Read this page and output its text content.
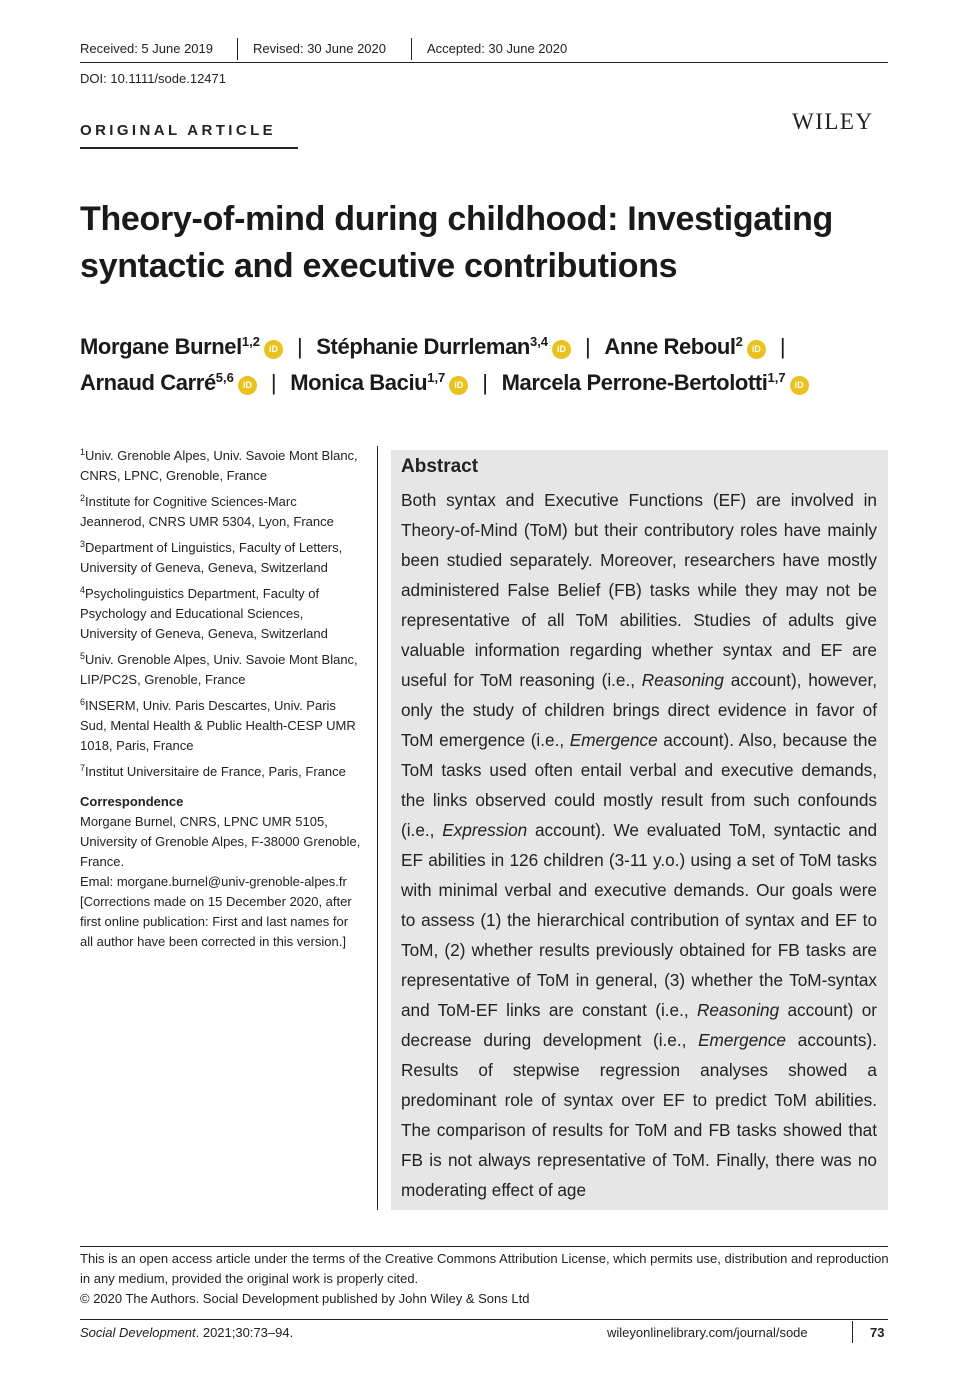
Received: 5 June 2019	Revised: 30 June 2020	Accepted: 30 June 2020
DOI: 10.1111/sode.12471
ORIGINAL ARTICLE	WILEY
Theory-of-mind during childhood: Investigating syntactic and executive contributions
Morgane Burnel$^{1,2}$ iD | Stéphanie Durrleman$^{3,4}$ iD | Anne Reboul$^2$ iD |
Arnaud Carré$^{5,6}$ iD | Monica Baciu$^{1,7}$ iD | Marcela Perrone-Bertolotti$^{1,7}$ iD
$^1$Univ. Grenoble Alpes, Univ. Savoie Mont Blanc, CNRS, LPNC, Grenoble, France
$^2$Institute for Cognitive Sciences-Marc Jeannerod, CNRS UMR 5304, Lyon, France
$^3$Department of Linguistics, Faculty of Letters, University of Geneva, Geneva, Switzerland
$^4$Psycholinguistics Department, Faculty of Psychology and Educational Sciences, University of Geneva, Geneva, Switzerland
$^5$Univ. Grenoble Alpes, Univ. Savoie Mont Blanc, LIP/PC2S, Grenoble, France
$^6$INSERM, Univ. Paris Descartes, Univ. Paris Sud, Mental Health & Public Health-CESP UMR 1018, Paris, France
$^7$Institut Universitaire de France, Paris, France
Correspondence
Morgane Burnel, CNRS, LPNC UMR 5105, University of Grenoble Alpes, F-38000 Grenoble, France.
Emal: morgane.burnel@univ-grenoble-alpes.fr
[Corrections made on 15 December 2020, after first online publication: First and last names for all author have been corrected in this version.]
Abstract

Both syntax and Executive Functions (EF) are involved in Theory-of-Mind (ToM) but their contributory roles have mainly been studied separately. Moreover, researchers have mostly administered False Belief (FB) tasks while they may not be representative of all ToM abilities. Studies of adults give valuable information regarding whether syntax and EF are useful for ToM reasoning (i.e., Reasoning account), however, only the study of children brings direct evidence in favor of ToM emergence (i.e., Emergence account). Also, because the ToM tasks used often entail verbal and executive demands, the links observed could mostly result from such confounds (i.e., Expression account). We evaluated ToM, syntactic and EF abilities in 126 children (3-11 y.o.) using a set of ToM tasks with minimal verbal and executive demands. Our goals were to assess (1) the hierarchical contribution of syntax and EF to ToM, (2) whether results previously obtained for FB tasks are representative of ToM in general, (3) whether the ToM-syntax and ToM-EF links are constant (i.e., Reasoning account) or decrease during development (i.e., Emergence accounts). Results of stepwise regression analyses showed a predominant role of syntax over EF to predict ToM abilities. The comparison of results for ToM and FB tasks showed that FB is not always representative of ToM. Finally, there was no moderating effect of age

This is an open access article under the terms of the Creative Commons Attribution License, which permits use, distribution and reproduction in any medium, provided the original work is properly cited.
© 2020 The Authors. Social Development published by John Wiley & Sons Ltd
Social Development. 2021;30:73–94.	wileyonlinelibrary.com/journal/sode	73
